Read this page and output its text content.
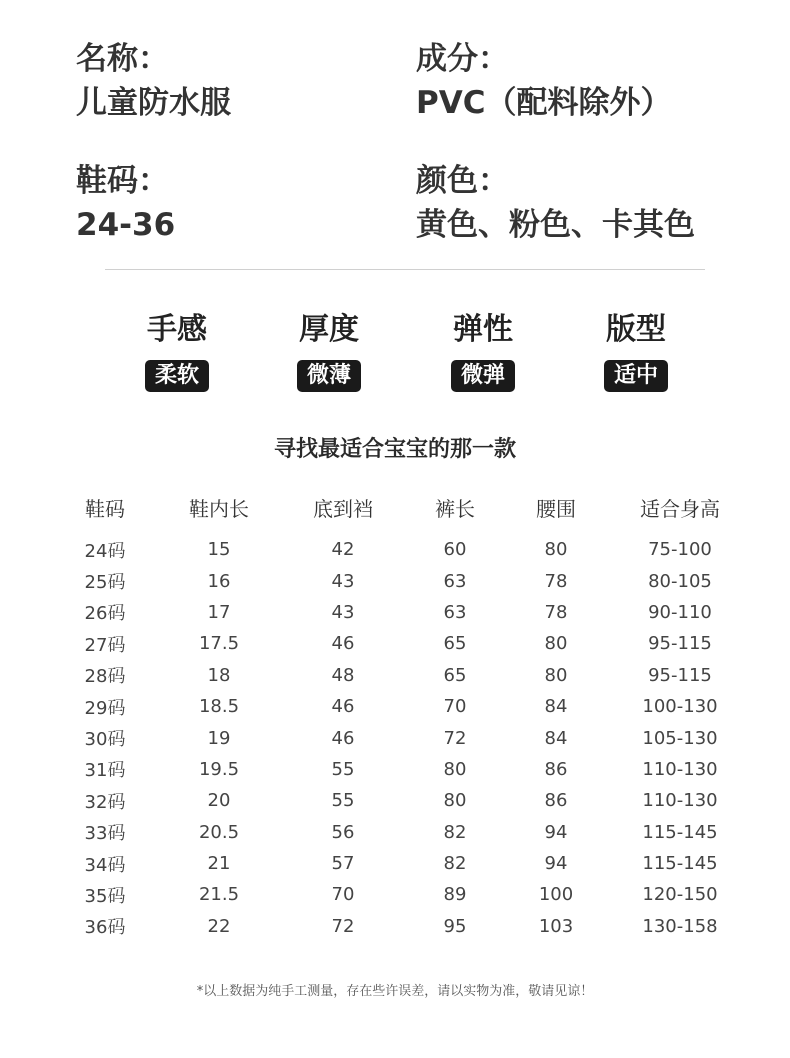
名称：
儿童防水服
成分：
PVC（配料除外）
鞋码：
24-36
颜色：
黄色、粉色、卡其色
手感
柔软
厚度
微薄
弹性
微弹
版型
适中
寻找最适合宝宝的那一款
鞋码	鞋内长	底到裆	裤长	腰围	适合身高
24码	15	42	60	80	75-100
25码	16	43	63	78	80-105
26码	17	43	63	78	90-110
27码	17.5	46	65	80	95-115
28码	18	48	65	80	95-115
29码	18.5	46	70	84	100-130
30码	19	46	72	84	105-130
31码	19.5	55	80	86	110-130
32码	20	55	80	86	110-130
33码	20.5	56	82	94	115-145
34码	21	57	82	94	115-145
35码	21.5	70	89	100	120-150
36码	22	72	95	103	130-158
*以上数据为纯手工测量，存在些许误差，请以实物为准，敬请见谅！
